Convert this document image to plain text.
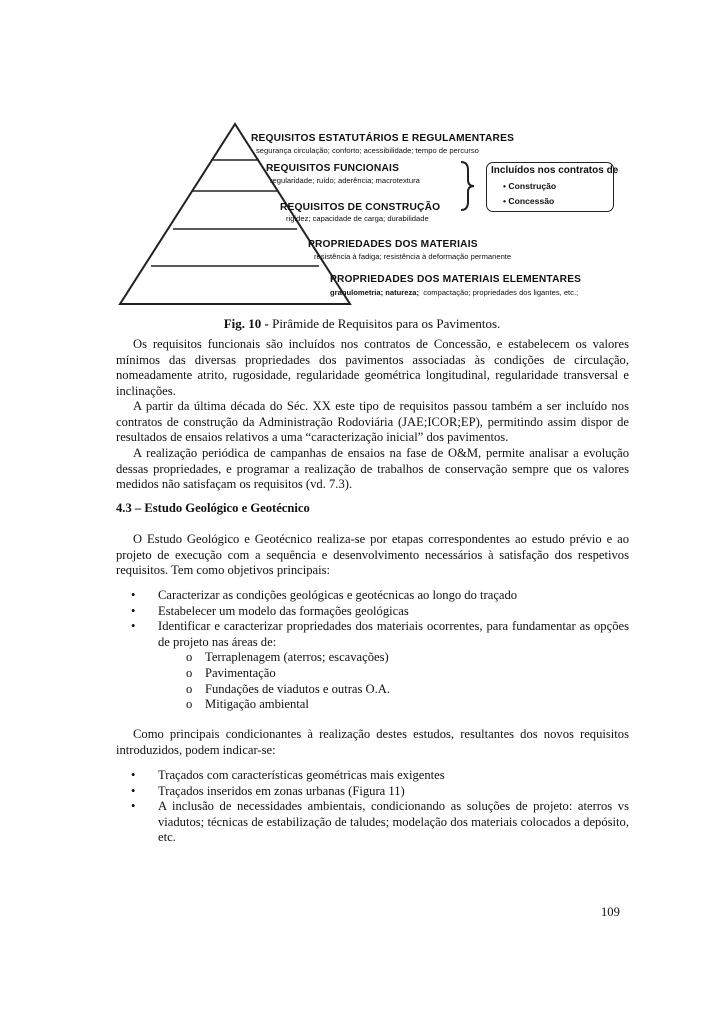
REQUISITOS ESTATUTÁRIOS E REGULAMENTARES
segurança circulação; conforto; acessibilidade; tempo de percurso
REQUISITOS FUNCIONAIS
regularidade; ruído; aderência; macrotextura
REQUISITOS DE CONSTRUÇÃO
rigidez; capacidade de carga; durabilidade
PROPRIEDADES DOS MATERIAIS
resistência à fadiga; resistência à deformação permanente
PROPRIEDADES DOS MATERIAIS ELEMENTARES
granulometria; natureza; compactação; propriedades dos ligantes, etc.;
Incluídos nos contratos de
• Construção
• Concessão
Fig. 10 - Pirâmide de Requisitos para os Pavimentos.

Os requisitos funcionais são incluídos nos contratos de Concessão, e estabelecem os valores mínimos das diversas propriedades dos pavimentos associadas às condições de circulação, nomeadamente atrito, rugosidade, regularidade geométrica longitudinal, regularidade transversal e inclinações.

A partir da última década do Séc. XX este tipo de requisitos passou também a ser incluído nos contratos de construção da Administração Rodoviária (JAE;ICOR;EP), permitindo assim dispor de resultados de ensaios relativos a uma “caracterização inicial” dos pavimentos.

A realização periódica de campanhas de ensaios na fase de O&M, permite analisar a evolução dessas propriedades, e programar a realização de trabalhos de conservação sempre que os valores medidos não satisfaçam os requisitos (vd. 7.3).

4.3 – Estudo Geológico e Geotécnico

O Estudo Geológico e Geotécnico realiza-se por etapas correspondentes ao estudo prévio e ao projeto de execução com a sequência e desenvolvimento necessários à satisfação dos respetivos requisitos. Tem como objetivos principais:

• Caracterizar as condições geológicas e geotécnicas ao longo do traçado
• Estabelecer um modelo das formações geológicas
• Identificar e caracterizar propriedades dos materiais ocorrentes, para fundamentar as opções de projeto nas áreas de:
o Terraplenagem (aterros; escavações)
o Pavimentação
o Fundações de viadutos e outras O.A.
o Mitigação ambiental

Como principais condicionantes à realização destes estudos, resultantes dos novos requisitos introduzidos, podem indicar-se:

• Traçados com características geométricas mais exigentes
• Traçados inseridos em zonas urbanas (Figura 11)
• A inclusão de necessidades ambientais, condicionando as soluções de projeto: aterros vs viadutos; técnicas de estabilização de taludes; modelação dos materiais colocados a depósito, etc.
109
